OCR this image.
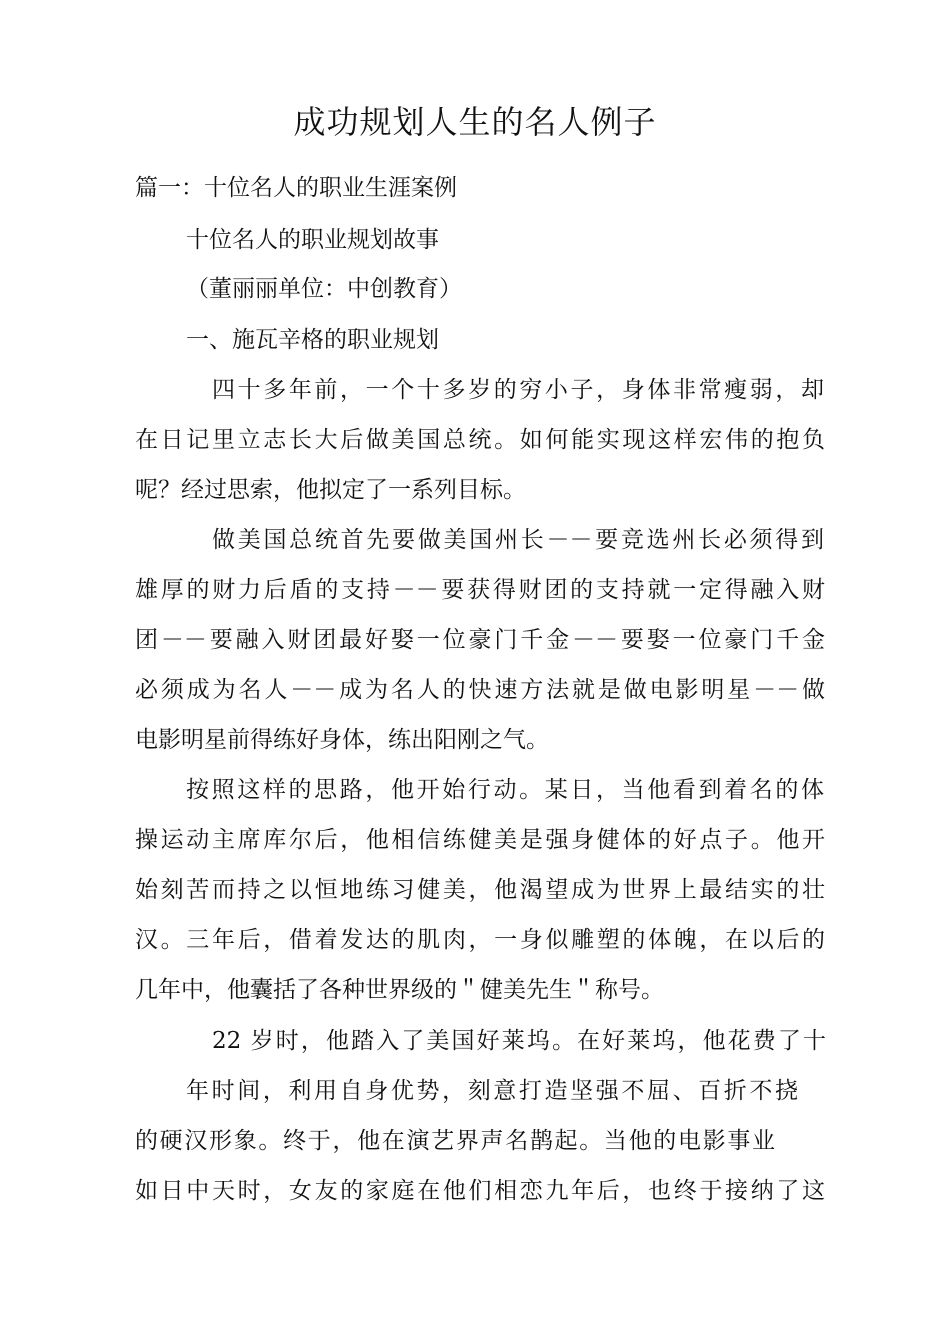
成功规划人生的名人例子

篇一：十位名人的职业生涯案例

十位名人的职业规划故事

（董丽丽单位：中创教育）

一、施瓦辛格的职业规划

四十多年前，一个十多岁的穷小子，身体非常瘦弱，却

在日记里立志长大后做美国总统。如何能实现这样宏伟的抱负

呢？经过思索，他拟定了一系列目标。

做美国总统首先要做美国州长－－要竞选州长必须得到

雄厚的财力后盾的支持－－要获得财团的支持就一定得融入财

团－－要融入财团最好娶一位豪门千金－－要娶一位豪门千金

必须成为名人－－成为名人的快速方法就是做电影明星－－做

电影明星前得练好身体，练出阳刚之气。

按照这样的思路，他开始行动。某日，当他看到着名的体

操运动主席库尔后，他相信练健美是强身健体的好点子。他开

始刻苦而持之以恒地练习健美，他渴望成为世界上最结实的壮

汉。三年后，借着发达的肌肉，一身似雕塑的体魄，在以后的

几年中，他囊括了各种世界级的＂健美先生＂称号。

22 岁时，他踏入了美国好莱坞。在好莱坞，他花费了十

年时间，利用自身优势，刻意打造坚强不屈、百折不挠

的硬汉形象。终于，他在演艺界声名鹊起。当他的电影事业

如日中天时，女友的家庭在他们相恋九年后，也终于接纳了这
